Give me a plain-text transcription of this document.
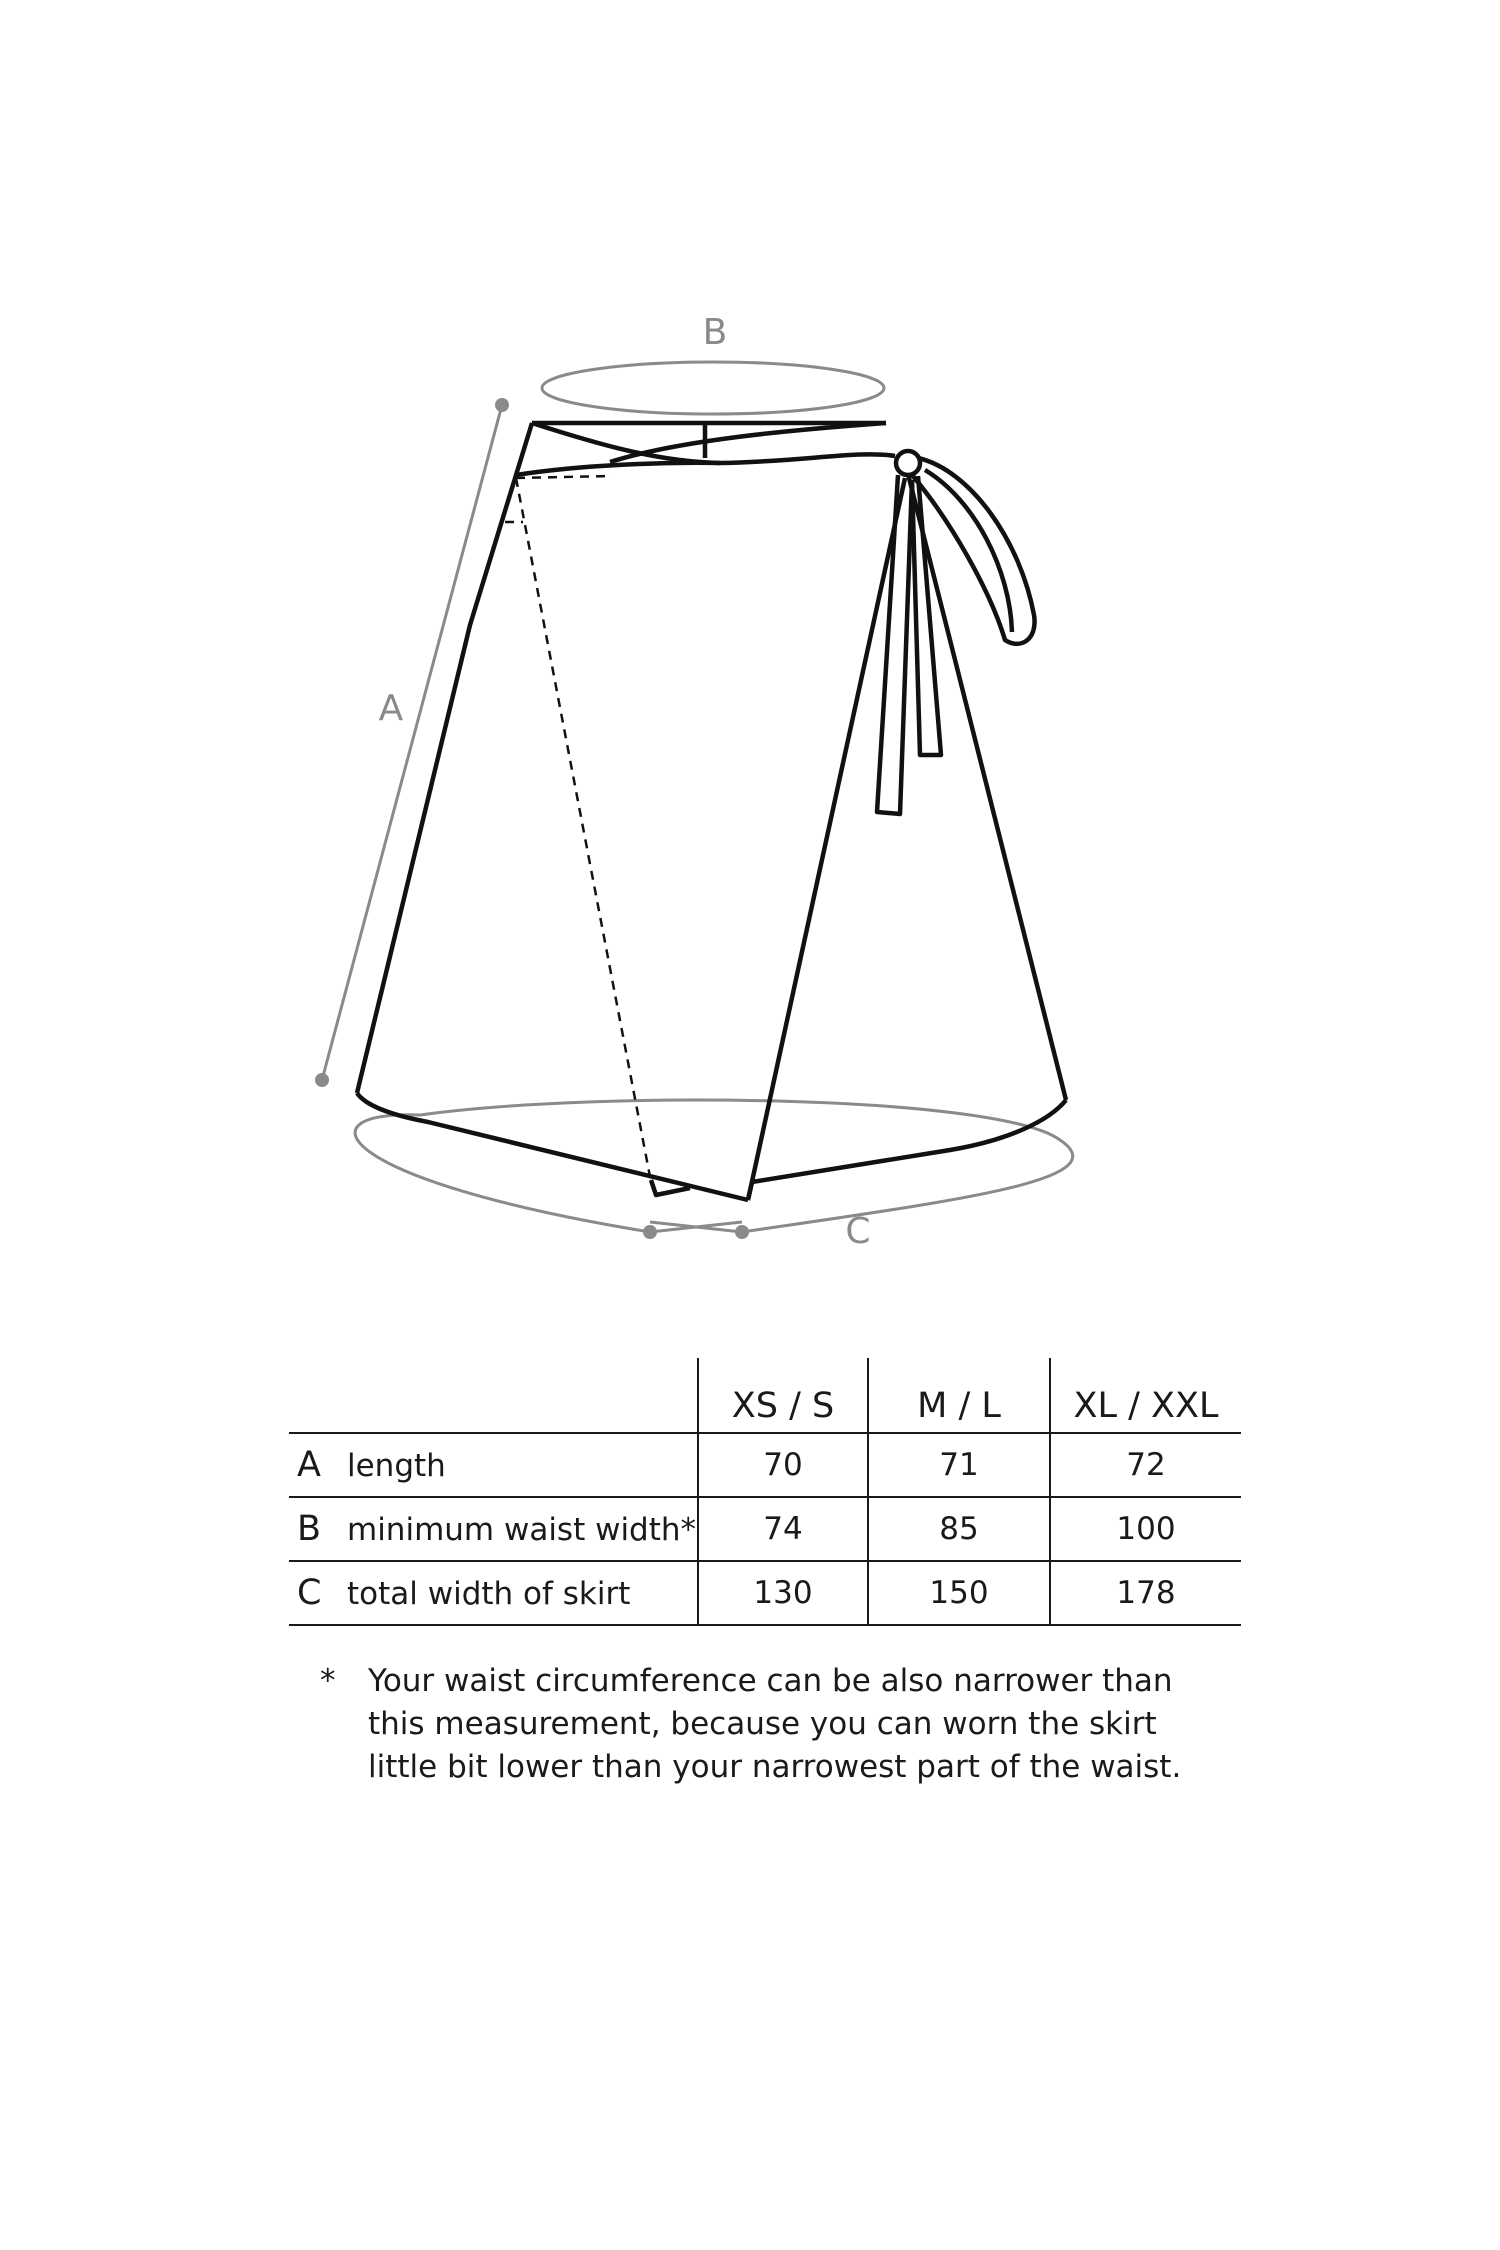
B
A
C
	XS / S	M / L	XL / XXL
A length	70	71	72
B minimum waist width*	74	85	100
C total width of skirt	130	150	178
* Your waist circumference can be also narrower than this measurement, because you can worn the skirt little bit lower than your narrowest part of the waist.
